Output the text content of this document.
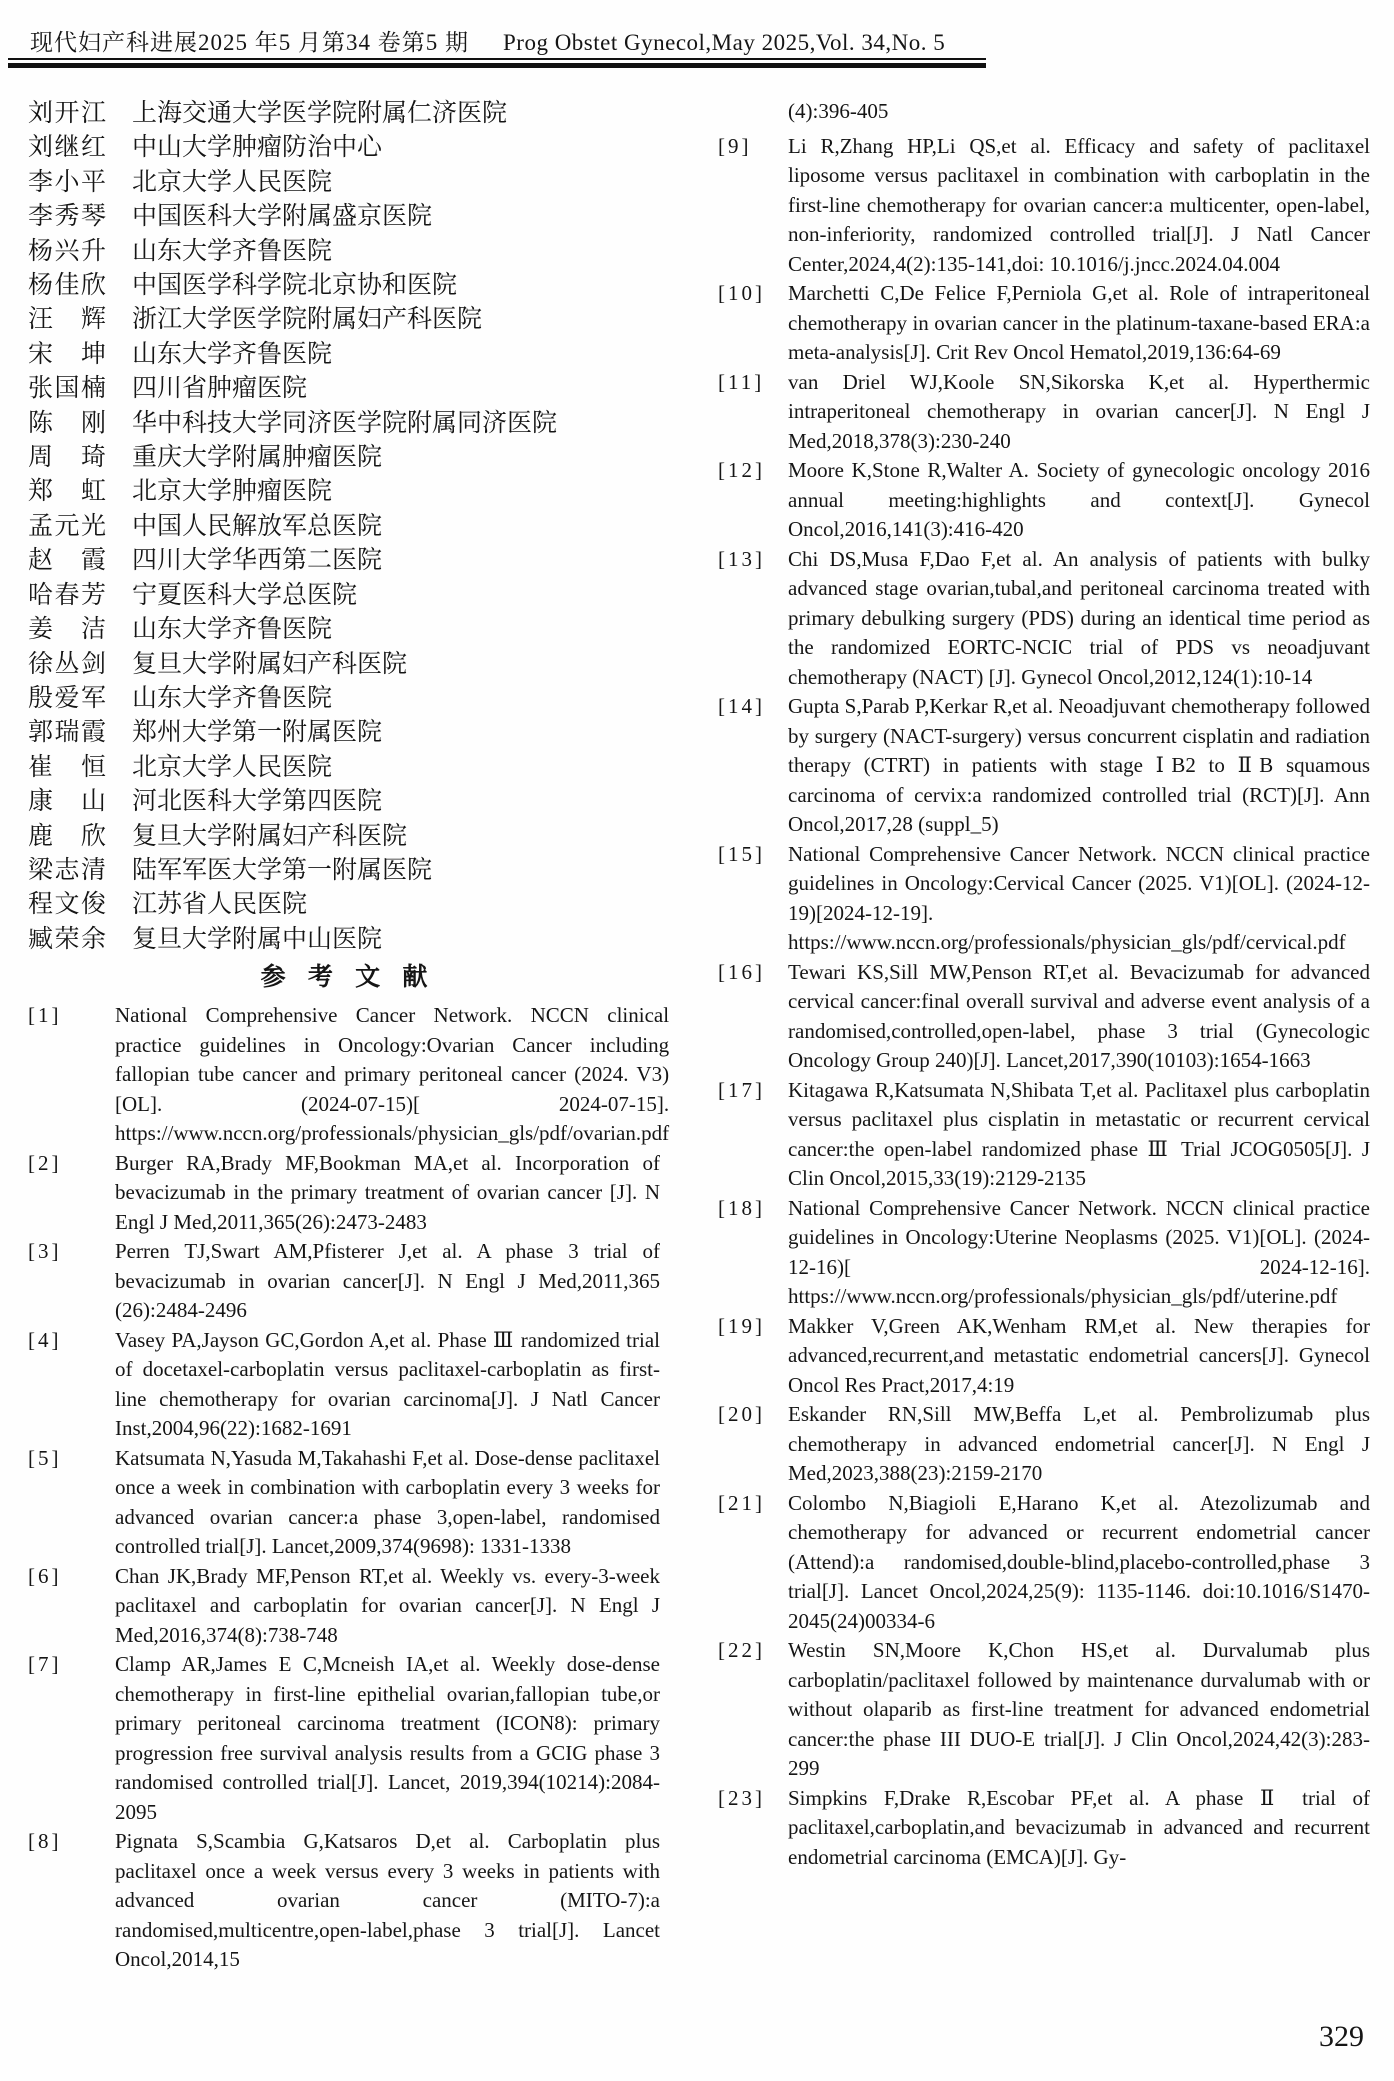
现代妇产科进展2025 年5 月第34 卷第5 期 Prog Obstet Gynecol,May 2025,Vol. 34,No. 5
刘开江 上海交通大学医学院附属仁济医院
刘继红 中山大学肿瘤防治中心
李小平 北京大学人民医院
李秀琴 中国医科大学附属盛京医院
杨兴升 山东大学齐鲁医院
杨佳欣 中国医学科学院北京协和医院
汪辉 浙江大学医学院附属妇产科医院
宋坤 山东大学齐鲁医院
张国楠 四川省肿瘤医院
陈刚 华中科技大学同济医学院附属同济医院
周琦 重庆大学附属肿瘤医院
郑虹 北京大学肿瘤医院
孟元光 中国人民解放军总医院
赵霞 四川大学华西第二医院
哈春芳 宁夏医科大学总医院
姜洁 山东大学齐鲁医院
徐丛剑 复旦大学附属妇产科医院
殷爱军 山东大学齐鲁医院
郭瑞霞 郑州大学第一附属医院
崔恒 北京大学人民医院
康山 河北医科大学第四医院
鹿欣 复旦大学附属妇产科医院
梁志清 陆军军医大学第一附属医院
程文俊 江苏省人民医院
臧荣余 复旦大学附属中山医院
参 考 文 献
[1]	National Comprehensive Cancer Network. NCCN clinical practice guidelines in Oncology:Ovarian Cancer including fallopian tube cancer and primary peritoneal cancer (2024. V3)[OL]. (2024-07-15)[ 2024-07-15]. https://www.nccn.org/professionals/physician_gls/pdf/ovarian.pdf
[2]	Burger RA,Brady MF,Bookman MA,et al. Incorporation of bevacizumab in the primary treatment of ovarian cancer [J]. N Engl J Med,2011,365(26):2473-2483
[3]	Perren TJ,Swart AM,Pfisterer J,et al. A phase 3 trial of bevacizumab in ovarian cancer[J]. N Engl J Med,2011,365 (26):2484-2496
[4]	Vasey PA,Jayson GC,Gordon A,et al. Phase Ⅲ randomized trial of docetaxel-carboplatin versus paclitaxel-carboplatin as first-line chemotherapy for ovarian carcinoma[J]. J Natl Cancer Inst,2004,96(22):1682-1691
[5]	Katsumata N,Yasuda M,Takahashi F,et al. Dose-dense paclitaxel once a week in combination with carboplatin every 3 weeks for advanced ovarian cancer:a phase 3,open-label, randomised controlled trial[J]. Lancet,2009,374(9698): 1331-1338
[6]	Chan JK,Brady MF,Penson RT,et al. Weekly vs. every-3-week paclitaxel and carboplatin for ovarian cancer[J]. N Engl J Med,2016,374(8):738-748
[7]	Clamp AR,James E C,Mcneish IA,et al. Weekly dose-dense chemotherapy in first-line epithelial ovarian,fallopian tube,or primary peritoneal carcinoma treatment (ICON8): primary progression free survival analysis results from a GCIG phase 3 randomised controlled trial[J]. Lancet, 2019,394(10214):2084-2095
[8]	Pignata S,Scambia G,Katsaros D,et al. Carboplatin plus paclitaxel once a week versus every 3 weeks in patients with advanced ovarian cancer (MITO-7):a randomised,multicentre,open-label,phase 3 trial[J]. Lancet Oncol,2014,15
(4):396-405
[9]	Li R,Zhang HP,Li QS,et al. Efficacy and safety of paclitaxel liposome versus paclitaxel in combination with carboplatin in the first-line chemotherapy for ovarian cancer:a multicenter, open-label, non-inferiority, randomized controlled trial[J]. J Natl Cancer Center,2024,4(2):135-141,doi: 10.1016/j.jncc.2024.04.004
[10]	Marchetti C,De Felice F,Perniola G,et al. Role of intraperitoneal chemotherapy in ovarian cancer in the platinum-taxane-based ERA:a meta-analysis[J]. Crit Rev Oncol Hematol,2019,136:64-69
[11]	van Driel WJ,Koole SN,Sikorska K,et al. Hyperthermic intraperitoneal chemotherapy in ovarian cancer[J]. N Engl J Med,2018,378(3):230-240
[12]	Moore K,Stone R,Walter A. Society of gynecologic oncology 2016 annual meeting:highlights and context[J]. Gynecol Oncol,2016,141(3):416-420
[13]	Chi DS,Musa F,Dao F,et al. An analysis of patients with bulky advanced stage ovarian,tubal,and peritoneal carcinoma treated with primary debulking surgery (PDS) during an identical time period as the randomized EORTC-NCIC trial of PDS vs neoadjuvant chemotherapy (NACT) [J]. Gynecol Oncol,2012,124(1):10-14
[14]	Gupta S,Parab P,Kerkar R,et al. Neoadjuvant chemotherapy followed by surgery (NACT-surgery) versus concurrent cisplatin and radiation therapy (CTRT) in patients with stage ⅠB2 to ⅡB squamous carcinoma of cervix:a randomized controlled trial (RCT)[J]. Ann Oncol,2017,28 (suppl_5)
[15]	National Comprehensive Cancer Network. NCCN clinical practice guidelines in Oncology:Cervical Cancer (2025. V1)[OL]. (2024-12-19)[2024-12-19]. https://www.nccn.org/professionals/physician_gls/pdf/cervical.pdf
[16]	Tewari KS,Sill MW,Penson RT,et al. Bevacizumab for advanced cervical cancer:final overall survival and adverse event analysis of a randomised,controlled,open-label, phase 3 trial (Gynecologic Oncology Group 240)[J]. Lancet,2017,390(10103):1654-1663
[17]	Kitagawa R,Katsumata N,Shibata T,et al. Paclitaxel plus carboplatin versus paclitaxel plus cisplatin in metastatic or recurrent cervical cancer:the open-label randomized phase Ⅲ Trial JCOG0505[J]. J Clin Oncol,2015,33(19):2129-2135
[18]	National Comprehensive Cancer Network. NCCN clinical practice guidelines in Oncology:Uterine Neoplasms (2025. V1)[OL]. (2024-12-16)[ 2024-12-16]. https://www.nccn.org/professionals/physician_gls/pdf/uterine.pdf
[19]	Makker V,Green AK,Wenham RM,et al. New therapies for advanced,recurrent,and metastatic endometrial cancers[J]. Gynecol Oncol Res Pract,2017,4:19
[20]	Eskander RN,Sill MW,Beffa L,et al. Pembrolizumab plus chemotherapy in advanced endometrial cancer[J]. N Engl J Med,2023,388(23):2159-2170
[21]	Colombo N,Biagioli E,Harano K,et al. Atezolizumab and chemotherapy for advanced or recurrent endometrial cancer (Attend):a randomised,double-blind,placebo-controlled,phase 3 trial[J]. Lancet Oncol,2024,25(9): 1135-1146. doi:10.1016/S1470-2045(24)00334-6
[22]	Westin SN,Moore K,Chon HS,et al. Durvalumab plus carboplatin/paclitaxel followed by maintenance durvalumab with or without olaparib as first-line treatment for advanced endometrial cancer:the phase III DUO-E trial[J]. J Clin Oncol,2024,42(3):283-299
[23]	Simpkins F,Drake R,Escobar PF,et al. A phase Ⅱ trial of paclitaxel,carboplatin,and bevacizumab in advanced and recurrent endometrial carcinoma (EMCA)[J]. Gy-
329
